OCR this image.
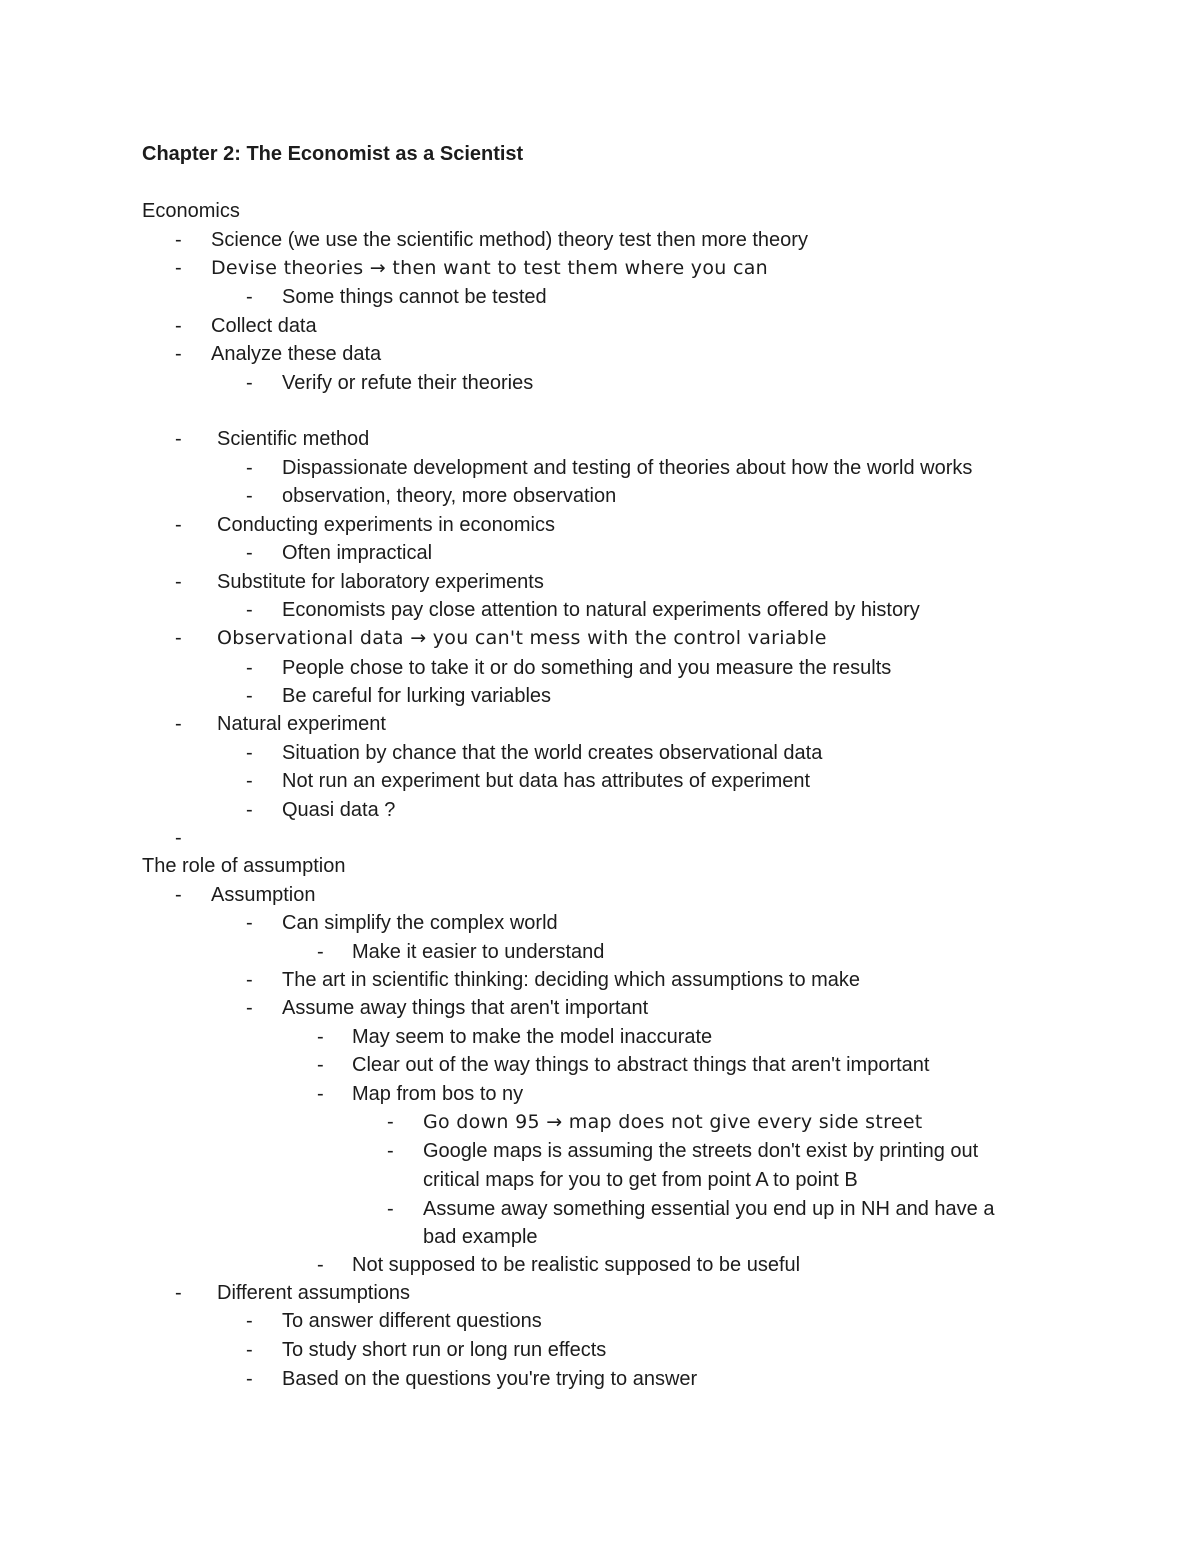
Chapter 2: The Economist as a Scientist
Economics
- Science (we use the scientific method) theory test then more theory
- Devise theories → then want to test them where you can
- Some things cannot be tested
- Collect data
- Analyze these data
- Verify or refute their theories
- Scientific method
- Dispassionate development and testing of theories about how the world works
- observation, theory, more observation
- Conducting experiments in economics
- Often impractical
- Substitute for laboratory experiments
- Economists pay close attention to natural experiments offered by history
- Observational data → you can't mess with the control variable
- People chose to take it or do something and you measure the results
- Be careful for lurking variables
- Natural experiment
- Situation by chance that the world creates observational data
- Not run an experiment but data has attributes of experiment
- Quasi data ?
-
The role of assumption
- Assumption
- Can simplify the complex world
- Make it easier to understand
- The art in scientific thinking: deciding which assumptions to make
- Assume away things that aren't important
- May seem to make the model inaccurate
- Clear out of the way things to abstract things that aren't important
- Map from bos to ny
- Go down 95 → map does not give every side street
- Google maps is assuming the streets don't exist by printing out
critical maps for you to get from point A to point B
- Assume away something essential you end up in NH and have a
bad example
- Not supposed to be realistic supposed to be useful
- Different assumptions
- To answer different questions
- To study short run or long run effects
- Based on the questions you're trying to answer
